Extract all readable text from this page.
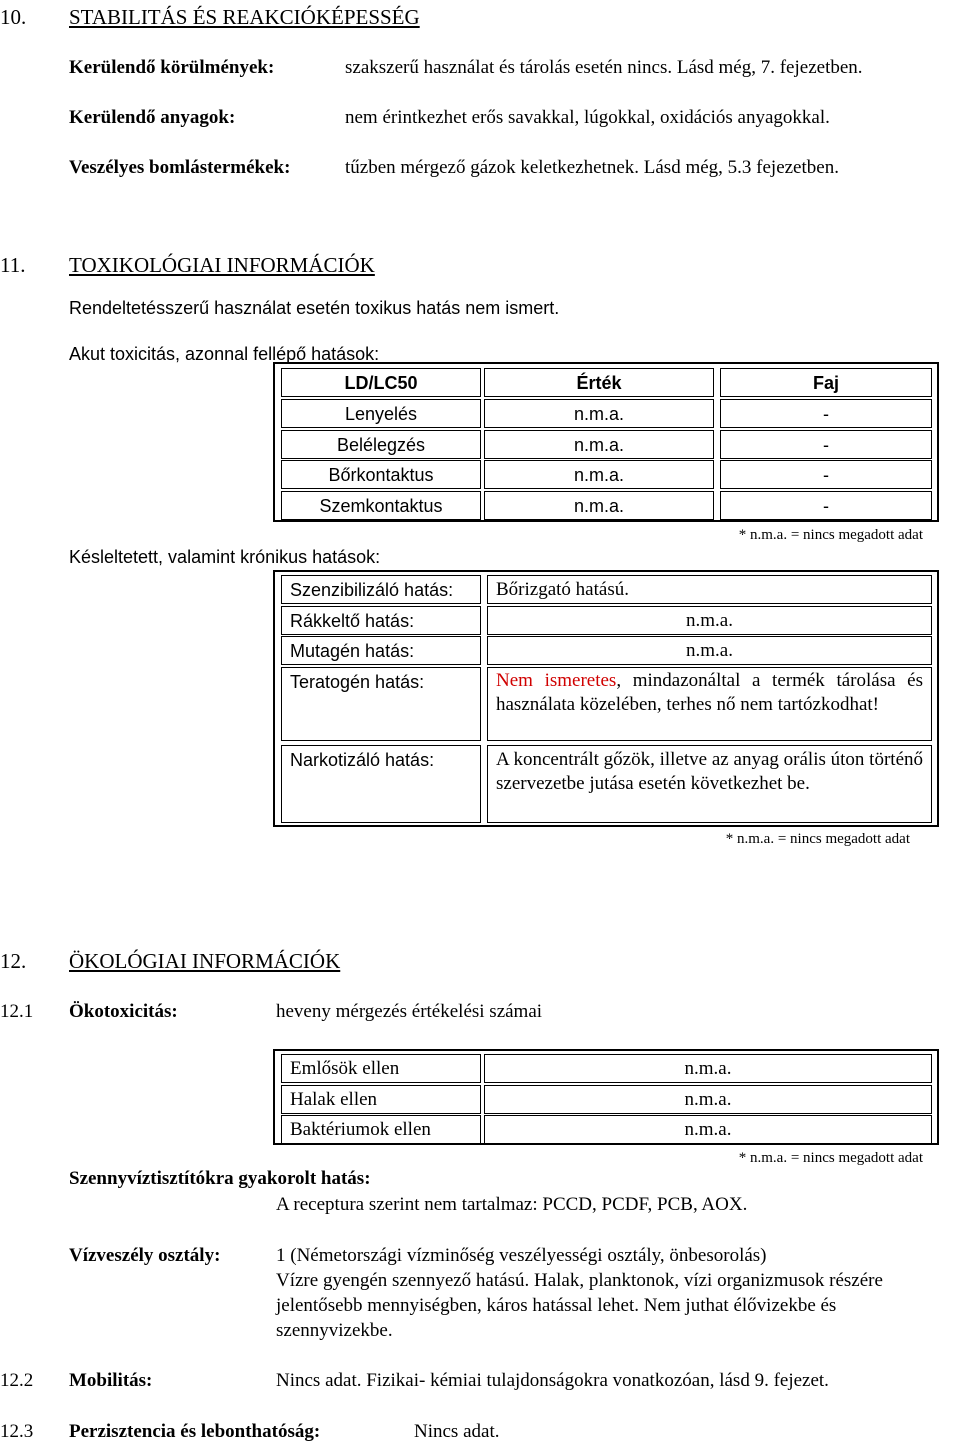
10. STABILITÁS ÉS REAKCIÓKÉPESSÉG
Kerülendő körülmények:	szakszerű használat és tárolás esetén nincs. Lásd még, 7. fejezetben.
Kerülendő anyagok:	nem érintkezhet erős savakkal, lúgokkal, oxidációs anyagokkal.
Veszélyes bomlástermékek:	tűzben mérgező gázok keletkezhetnek. Lásd még, 5.3 fejezetben.
11. TOXIKOLÓGIAI INFORMÁCIÓK
Rendeltetésszerű használat esetén toxikus hatás nem ismert.
Akut toxicitás, azonnal fellépő hatások:
LD/LC50	Érték	Faj
Lenyelés	n.m.a.	-
Belélegzés	n.m.a.	-
Bőrkontaktus	n.m.a.	-
Szemkontaktus	n.m.a.	-
* n.m.a. = nincs megadott adat
Késleltetett, valamint krónikus hatások:
Szenzibilizáló hatás:	Bőrizgató hatású.
Rákkeltő hatás:	n.m.a.
Mutagén hatás:	n.m.a.
Teratogén hatás:	Nem ismeretes, mindazonáltal a termék tárolása és használata közelében, terhes nő nem tartózkodhat!
Narkotizáló hatás:	A koncentrált gőzök, illetve az anyag orális úton történő szervezetbe jutása esetén következhet be.
* n.m.a. = nincs megadott adat
12. ÖKOLÓGIAI INFORMÁCIÓK
12.1 Ökotoxicitás:	heveny mérgezés értékelési számai
Emlősök ellen	n.m.a.
Halak ellen	n.m.a.
Baktériumok ellen	n.m.a.
* n.m.a. = nincs megadott adat
Szennyvíztisztítókra gyakorolt hatás:
A receptura szerint nem tartalmaz: PCCD, PCDF, PCB, AOX.
Vízveszély osztály:	1 (Németországi vízminőség veszélyességi osztály, önbesorolás)
Vízre gyengén szennyező hatású. Halak, planktonok, vízi organizmusok részére
jelentősebb mennyiségben, káros hatással lehet. Nem juthat élővizekbe és
szennyvizekbe.
12.2 Mobilitás:	Nincs adat. Fizikai- kémiai tulajdonságokra vonatkozóan, lásd 9. fejezet.
12.3 Perzisztencia és lebonthatóság:	Nincs adat.
